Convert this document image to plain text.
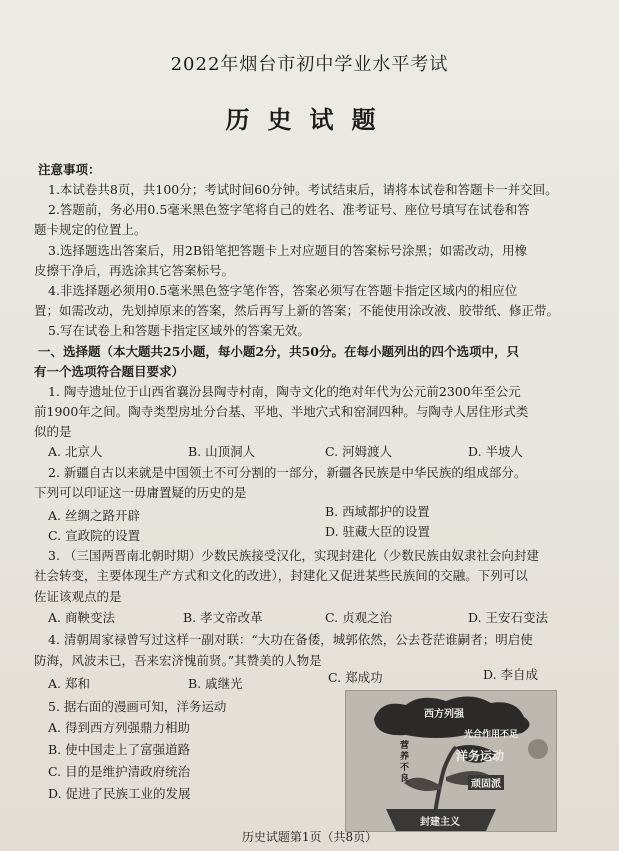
2022年烟台市初中学业水平考试
历史试题
注意事项：
1.本试卷共8页，共100分；考试时间60分钟。考试结束后，请将本试卷和答题卡一并交回。
2.答题前，务必用0.5毫米黑色签字笔将自己的姓名、准考证号、座位号填写在试卷和答
题卡规定的位置上。
3.选择题选出答案后，用2B铅笔把答题卡上对应题目的答案标号涂黑；如需改动，用橡
皮擦干净后，再选涂其它答案标号。
4.非选择题必须用0.5毫米黑色签字笔作答，答案必须写在答题卡指定区域内的相应位
置；如需改动，先划掉原来的答案，然后再写上新的答案；不能使用涂改液、胶带纸、修正带。
5.写在试卷上和答题卡指定区域外的答案无效。
一、选择题（本大题共25小题，每小题2分，共50分。在每小题列出的四个选项中，只
有一个选项符合题目要求）
1. 陶寺遗址位于山西省襄汾县陶寺村南，陶寺文化的绝对年代为公元前2300年至公元
前1900年之间。陶寺类型房址分台基、平地、半地穴式和窑洞四种。与陶寺人居住形式类
似的是
A. 北京人	B. 山顶洞人	C. 河姆渡人	D. 半坡人
2. 新疆自古以来就是中国领土不可分割的一部分，新疆各民族是中华民族的组成部分。
下列可以印证这一毋庸置疑的历史的是
A. 丝绸之路开辟	B. 西域都护的设置
C. 宣政院的设置	D. 驻藏大臣的设置
3. （三国两晋南北朝时期）少数民族接受汉化，实现封建化（少数民族由奴隶社会向封建
社会转变，主要体现生产方式和文化的改进），封建化又促进某些民族间的交融。下列可以
佐证该观点的是
A. 商鞅变法	B. 孝文帝改革	C. 贞观之治	D. 王安石变法
4. 清朝周家禄曾写过这样一副对联：“大功在备倭，城郭依然，公去苍茫谁嗣者；明启使
防海，风波未已，吾来宏济愧前贤。”其赞美的人物是
A. 郑和	B. 戚继光	C. 郑成功	D. 李自成
5. 据右面的漫画可知，洋务运动
A. 得到西方列强鼎力相助
B. 使中国走上了富强道路
C. 目的是维护清政府统治
D. 促进了民族工业的发展
西方列强
光合作用不足
洋务运动
顽固派
营养不良
封建主义
历史试题第1页（共8页）
